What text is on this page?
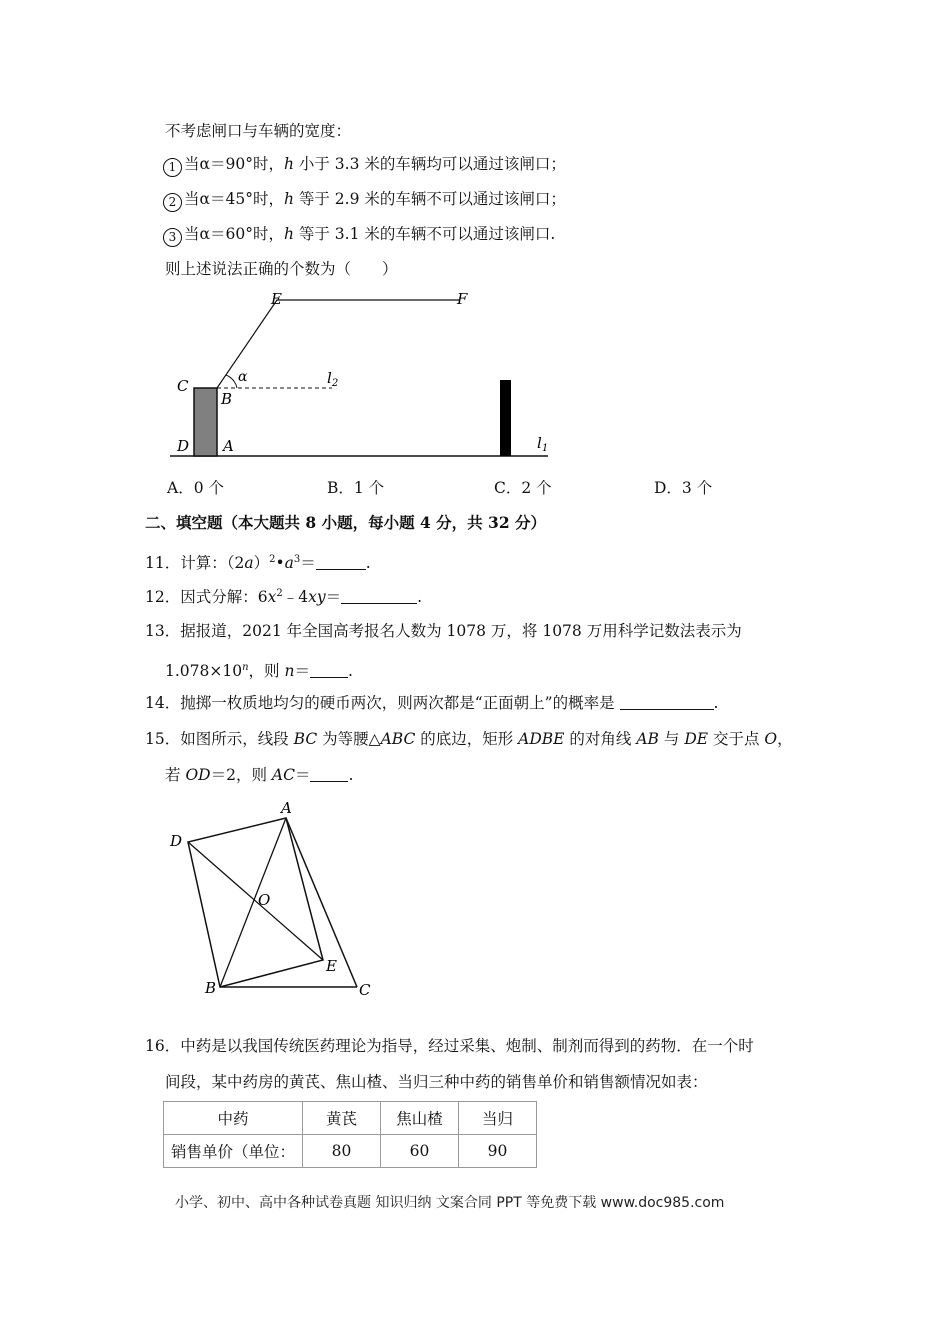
不考虑闸口与车辆的宽度：
1 当α＝90°时，h 小于 3.3 米的车辆均可以通过该闸口；
2 当α＝45°时，h 等于 2.9 米的车辆不可以通过该闸口；
3 当α＝60°时，h 等于 3.1 米的车辆不可以通过该闸口.
则上述说法正确的个数为（　　）
E	F
C
B
α	$l_2$
D A	$l_1$
A．0 个	B．1 个	C．2 个	D．3 个
二、填空题（本大题共 8 小题，每小题 4 分，共 32 分）
11．计算：$(2a)^2•a^3=$	.
12．因式分解：$6x^2﹣4xy=$	.
13．据报道，2021 年全国高考报名人数为 1078 万，将 1078 万用科学记数法表示为
$1.078\times 10^n$，则 n＝ .
14．抛掷一枚质地均匀的硬币两次，则两次都是“正面朝上”的概率是	.
15．如图所示，线段 BC 为等腰△ABC 的底边，矩形 ADBE 的对角线 AB 与 DE 交于点 O，
若 OD＝2，则 AC＝ .
A
D
O
E
B	C
16．中药是以我国传统医药理论为指导，经过采集、炮制、制剂而得到的药物．在一个时
间段，某中药房的黄芪、焦山楂、当归三种中药的销售单价和销售额情况如表：
中药	黄芪	焦山楂	当归
销售单价（单位：	80	60	90
小学、初中、高中各种试卷真题 知识归纳 文案合同 PPT 等免费下载 www.doc985.com
